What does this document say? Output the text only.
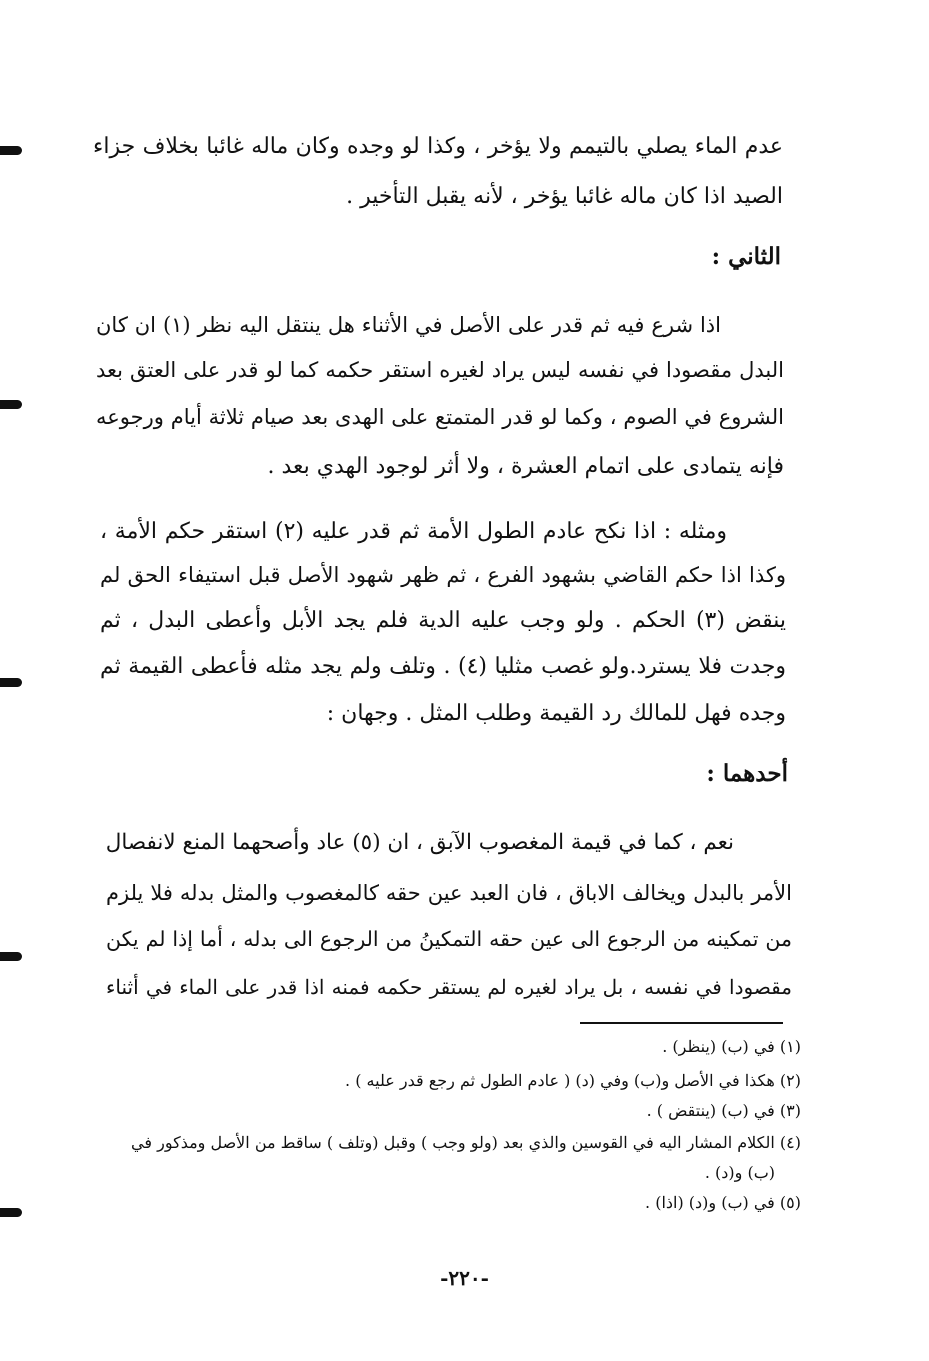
عدم الماء يصلي بالتيمم ولا يؤخر ، وكذا لو وجده وكان ماله غائبا بخلاف جزاء
الصيد اذا كان ماله غائبا يؤخر ، لأنه يقبل التأخير .
الثاني :
اذا شرع فيه ثم قدر على الأصل في الأثناء هل ينتقل اليه نظر (١) ان كان
البدل مقصودا في نفسه ليس يراد لغيره استقر حكمه كما لو قدر على العتق بعد
الشروع في الصوم ، وكما لو قدر المتمتع على الهدى بعد صيام ثلاثة أيام ورجوعه
فإنه يتمادى على اتمام العشرة ، ولا أثر لوجود الهدي بعد .
ومثله : اذا نكح عادم الطول الأمة ثم قدر عليه (٢) استقر حكم الأمة ،
وكذا اذا حكم القاضي بشهود الفرع ، ثم ظهر شهود الأصل قبل استيفاء الحق لم
ينقض (٣) الحكم . ولو وجب عليه الدية فلم يجد الأبل وأعطى البدل ، ثم
وجدت فلا يسترد.ولو غصب مثليا (٤) . وتلف ولم يجد مثله فأعطى القيمة ثم
وجده فهل للمالك رد القيمة وطلب المثل . وجهان :
أحدهما :
نعم ، كما في قيمة المغصوب الآبق ، ان (٥) عاد وأصحهما المنع لانفصال
الأمر بالبدل ويخالف الاباق ، فان العبد عين حقه كالمغصوب والمثل بدله فلا يلزم
من تمكينه من الرجوع الى عين حقه التمكينُ من الرجوع الى بدله ، أما إذا لم يكن
مقصودا في نفسه ، بل يراد لغيره لم يستقر حكمه فمنه اذا قدر على الماء في أثناء
(١) في (ب) (ينظر) .
(٢) هكذا في الأصل و(ب) وفي (د) ( عادم الطول ثم رجع قدر عليه ) .
(٣) في (ب) (ينتقض ) .
(٤) الكلام المشار اليه في القوسين والذي بعد (ولو وجب ) وقبل (وتلف ) ساقط من الأصل ومذكور في
(ب) و(د) .
(٥) في (ب) و(د) (اذا) .
-٢٢٠-
